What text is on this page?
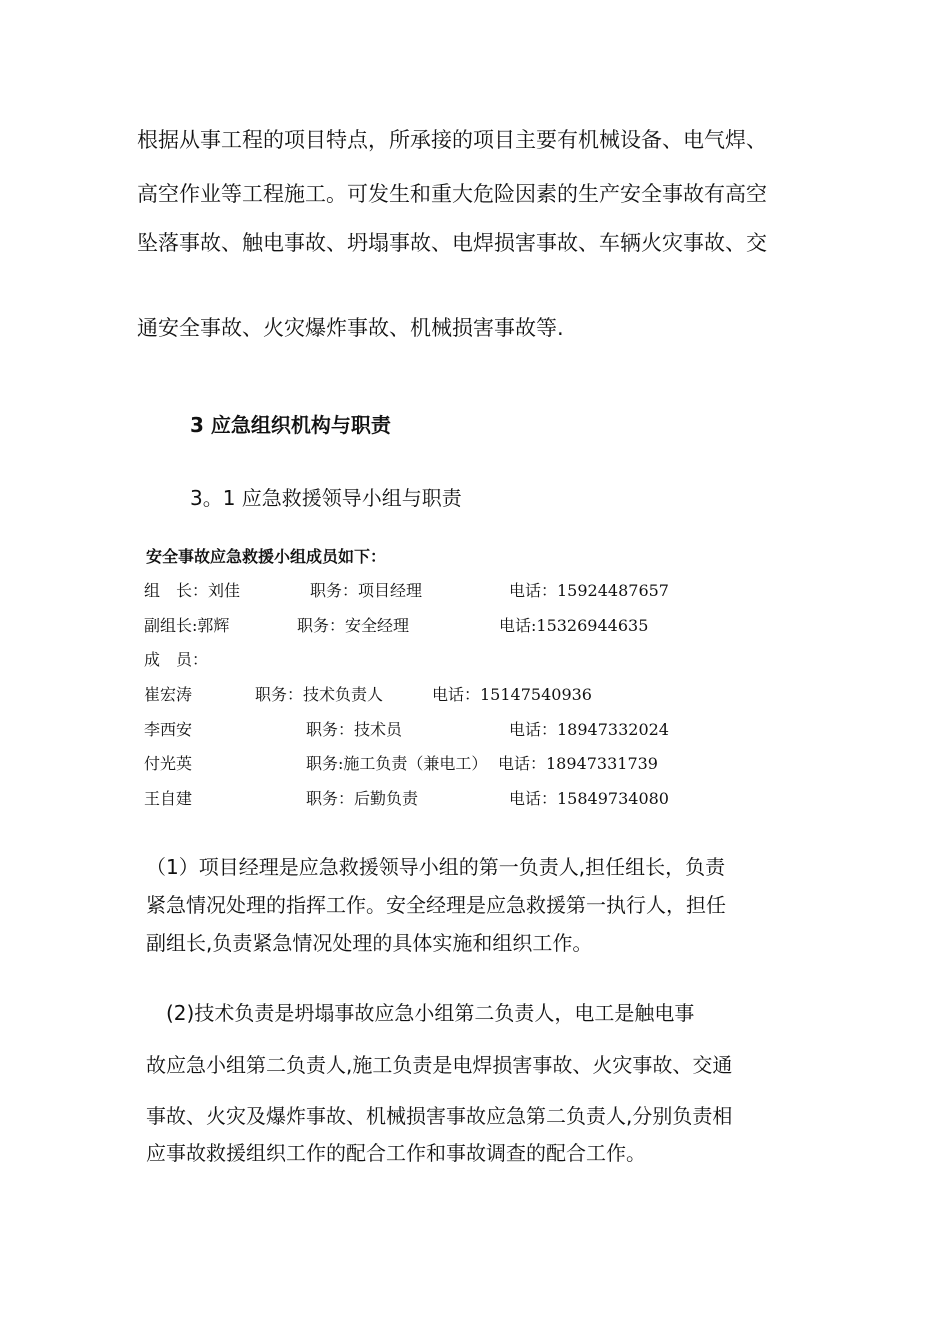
根据从事工程的项目特点，所承接的项目主要有机械设备、电气焊、
高空作业等工程施工。可发生和重大危险因素的生产安全事故有高空
坠落事故、触电事故、坍塌事故、电焊损害事故、车辆火灾事故、交
通安全事故、火灾爆炸事故、机械损害事故等.
3 应急组织机构与职责
3。1 应急救援领导小组与职责
安全事故应急救援小组成员如下：
组　长：刘佳	职务：项目经理	电话：15924487657
副组长:郭辉	职务：安全经理	电话:15326944635
成　员：
崔宏涛	职务：技术负责人	电话：15147540936
李西安	职务：技术员	电话：18947332024
付光英	职务:施工负责（兼电工） 电话：18947331739
王自建	职务：后勤负责	电话：15849734080
（1）项目经理是应急救援领导小组的第一负责人,担任组长，负责
紧急情况处理的指挥工作。安全经理是应急救援第一执行人，担任
副组长,负责紧急情况处理的具体实施和组织工作。
　(2)技术负责是坍塌事故应急小组第二负责人，电工是触电事
故应急小组第二负责人,施工负责是电焊损害事故、火灾事故、交通
事故、火灾及爆炸事故、机械损害事故应急第二负责人,分别负责相
应事故救援组织工作的配合工作和事故调查的配合工作。
